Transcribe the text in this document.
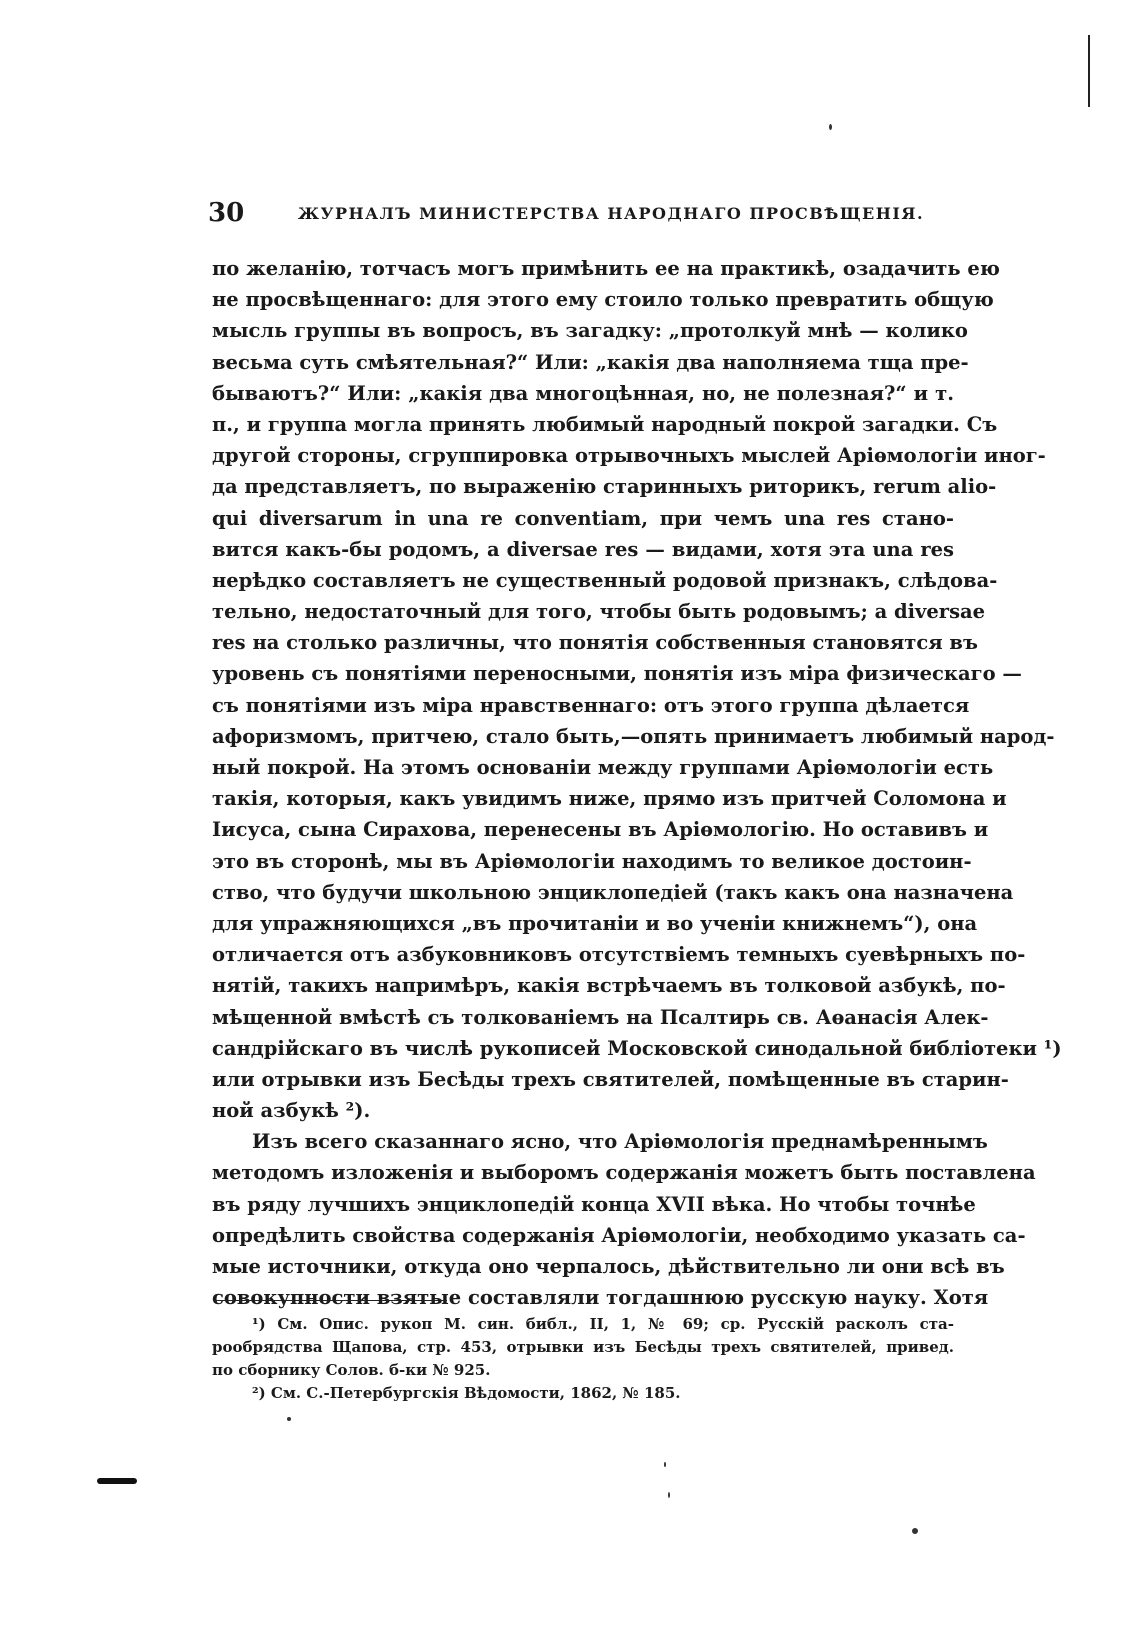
30	ЖУРНАЛЪ МИНИСТЕРСТВА НАРОДНАГО ПРОСВѢЩЕНІЯ.
по желанію, тотчасъ могъ примѣнить ее на практикѣ, озадачить ею
не просвѣщеннаго: для этого ему стоило только превратить общую
мысль группы въ вопросъ, въ загадку: „протолкуй мнѣ — колико
весьма суть смѣятельная?“ Или: „какія два наполняема тща пре-
бываютъ?“ Или: „какія два многоцѣнная, но, не полезная?“ и т.
п., и группа могла принять любимый народный покрой загадки. Съ
другой стороны, сгруппировка отрывочныхъ мыслей Аріѳмологіи иног-
да представляетъ, по выраженію старинныхъ риторикъ, rerum alio-
qui diversarum in una re conventiam, при чемъ una res стано-
вится какъ-бы родомъ, а diversae res — видами, хотя эта una res
нерѣдко составляетъ не существенный родовой признакъ, слѣдова-
тельно, недостаточный для того, чтобы быть родовымъ; а diversae
res на столько различны, что понятія собственныя становятся въ
уровень съ понятіями переносными, понятія изъ міра физическаго —
съ понятіями изъ міра нравственнаго: отъ этого группа дѣлается
афоризмомъ, притчею, стало быть,—опять принимаетъ любимый народ-
ный покрой. На этомъ основаніи между группами Аріѳмологіи есть
такія, которыя, какъ увидимъ ниже, прямо изъ притчей Соломона и
Іисуса, сына Сирахова, перенесены въ Аріѳмологію. Но оставивъ и
это въ сторонѣ, мы въ Аріѳмологіи находимъ то великое достоин-
ство, что будучи школьною энциклопедіей (такъ какъ она назначена
для упражняющихся „въ прочитаніи и во ученіи книжнемъ“), она
отличается отъ азбуковниковъ отсутствіемъ темныхъ суевѣрныхъ по-
нятій, такихъ напримѣръ, какія встрѣчаемъ въ толковой азбукѣ, по-
мѣщенной вмѣстѣ съ толкованіемъ на Псалтирь св. Аѳанасія Алек-
сандрійскаго въ числѣ рукописей Московской синодальной библіотеки ¹)
или отрывки изъ Бесѣды трехъ святителей, помѣщенные въ старин-
ной азбукѣ ²).
Изъ всего сказаннаго ясно, что Аріѳмологія преднамѣреннымъ
методомъ изложенія и выборомъ содержанія можетъ быть поставлена
въ ряду лучшихъ энциклопедій конца XVII вѣка. Но чтобы точнѣе
опредѣлить свойства содержанія Аріѳмологіи, необходимо указать са-
мые источники, откуда оно черпалось, дѣйствительно ли они всѣ въ
совокупности взятые составляли тогдашнюю русскую науку. Хотя
¹) См. Опис. рукоп М. син. библ., II, 1, № 69; ср. Русскій расколъ ста-
рообрядства Щапова, стр. 453, отрывки изъ Бесѣды трехъ святителей, привед.
по сборнику Солов. б-ки № 925.
²) См. С.-Петербургскія Вѣдомости, 1862, № 185.
